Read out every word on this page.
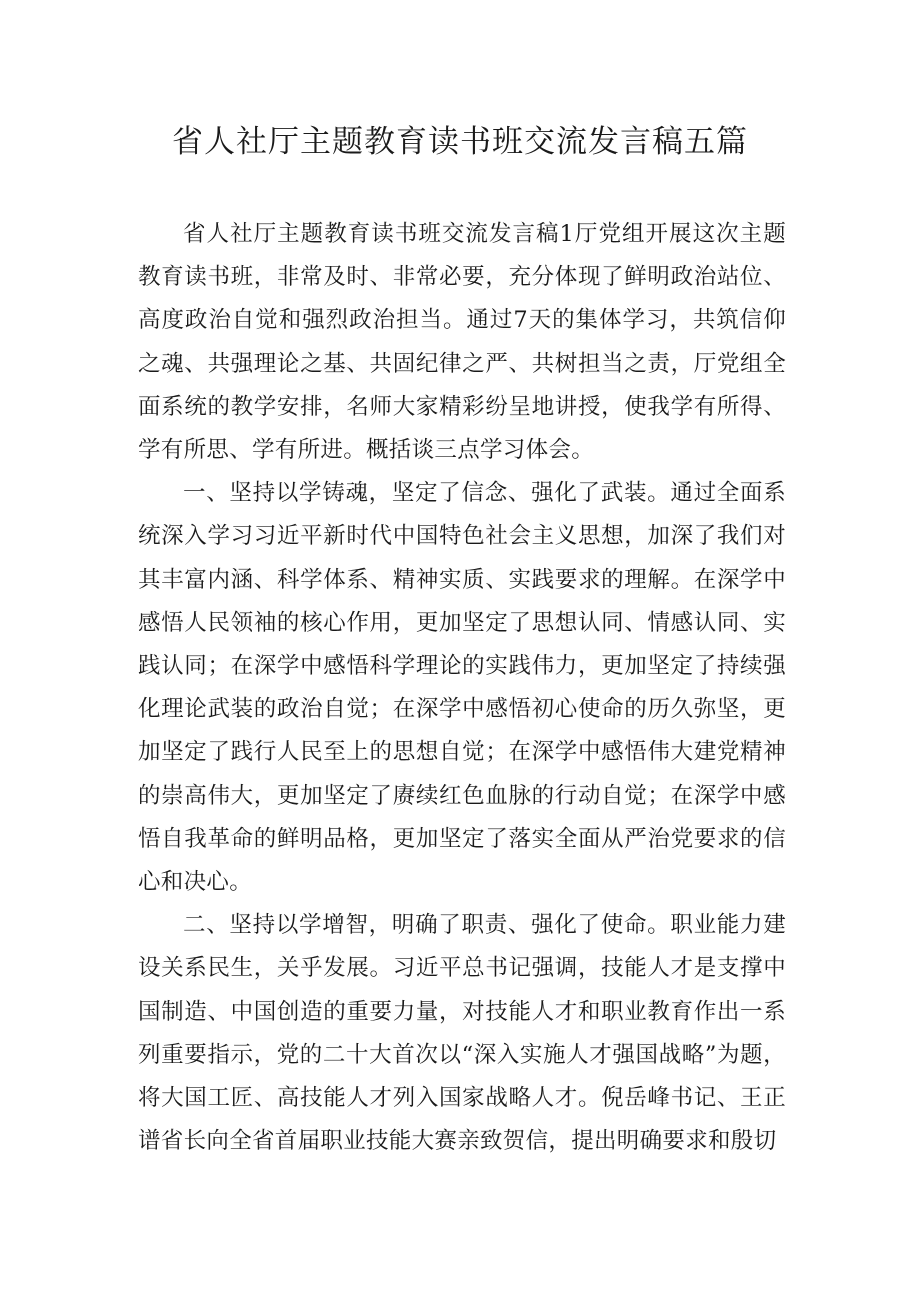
省人社厅主题教育读书班交流发言稿五篇

省人社厅主题教育读书班交流发言稿1厅党组开展这次主题教育读书班，非常及时、非常必要，充分体现了鲜明政治站位、高度政治自觉和强烈政治担当。通过7天的集体学习，共筑信仰之魂、共强理论之基、共固纪律之严、共树担当之责，厅党组全面系统的教学安排，名师大家精彩纷呈地讲授，使我学有所得、学有所思、学有所进。概括谈三点学习体会。

一、坚持以学铸魂，坚定了信念、强化了武装。通过全面系统深入学习习近平新时代中国特色社会主义思想，加深了我们对其丰富内涵、科学体系、精神实质、实践要求的理解。在深学中感悟人民领袖的核心作用，更加坚定了思想认同、情感认同、实践认同；在深学中感悟科学理论的实践伟力，更加坚定了持续强化理论武装的政治自觉；在深学中感悟初心使命的历久弥坚，更加坚定了践行人民至上的思想自觉；在深学中感悟伟大建党精神的崇高伟大，更加坚定了赓续红色血脉的行动自觉；在深学中感悟自我革命的鲜明品格，更加坚定了落实全面从严治党要求的信心和决心。

二、坚持以学增智，明确了职责、强化了使命。职业能力建设关系民生，关乎发展。习近平总书记强调，技能人才是支撑中国制造、中国创造的重要力量，对技能人才和职业教育作出一系列重要指示，党的二十大首次以“深入实施人才强国战略”为题，将大国工匠、高技能人才列入国家战略人才。倪岳峰书记、王正谱省长向全省首届职业技能大赛亲致贺信，提出明确要求和殷切
